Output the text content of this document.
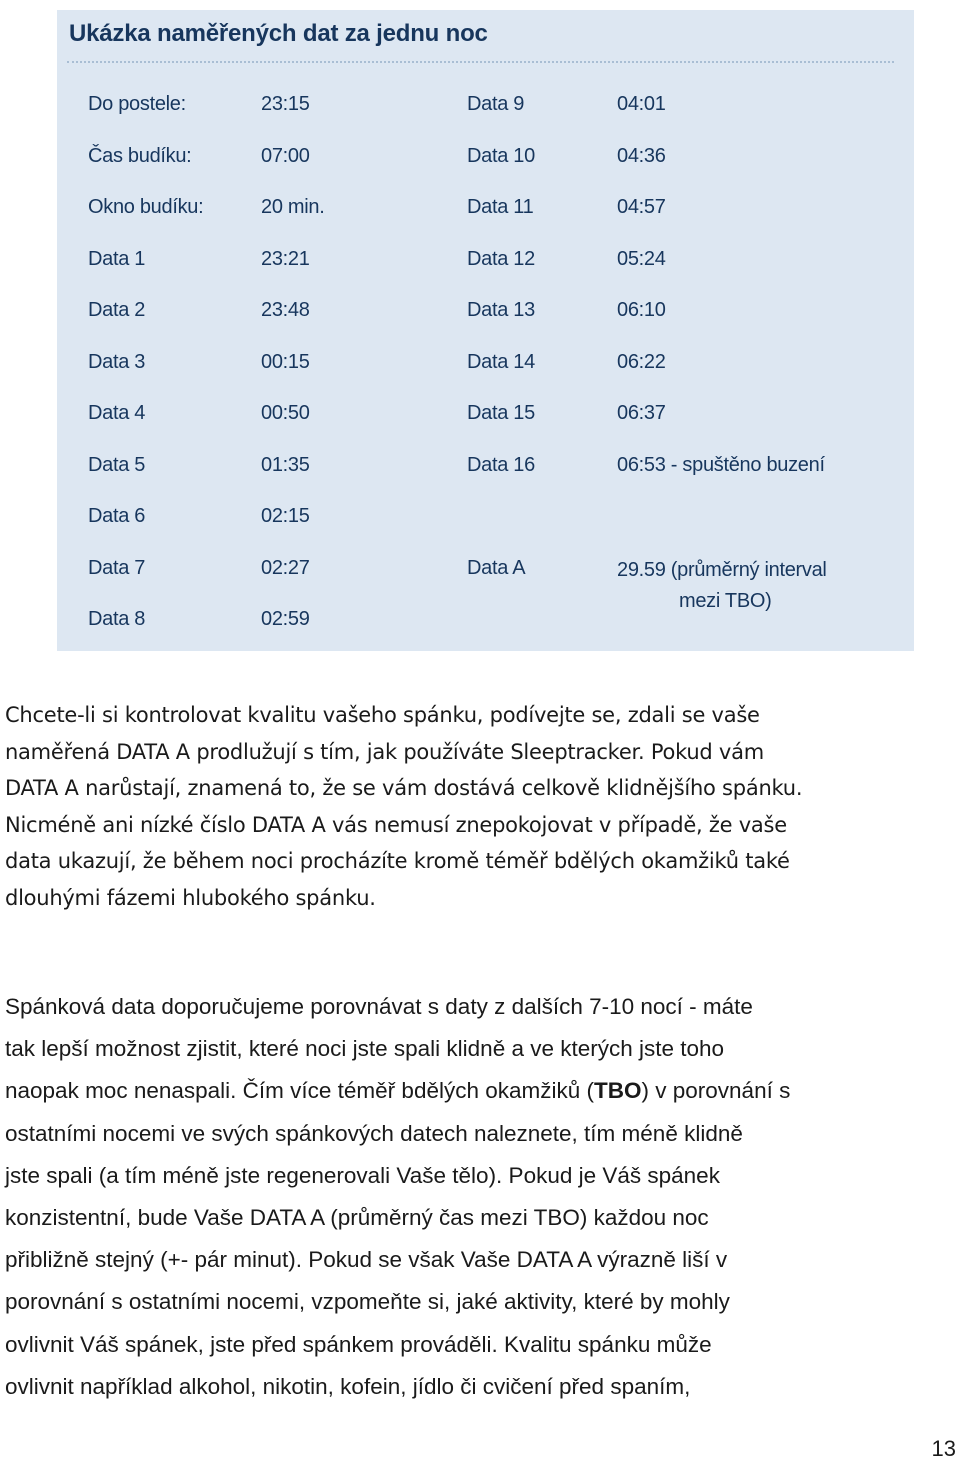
Ukázka naměřených dat za jednu noc
Do postele:
Čas budíku:
Okno budíku:
Data 1
Data 2
Data 3
Data 4
Data 5
Data 6
Data 7
Data 8
23:15
07:00
20 min.
23:21
23:48
00:15
00:50
01:35
02:15
02:27
02:59
Data 9
Data 10
Data 11
Data 12
Data 13
Data 14
Data 15
Data 16
Data A
04:01
04:36
04:57
05:24
06:10
06:22
06:37
06:53 - spuštěno buzení
29.59 (průměrný interval
mezi TBO)

Chcete-li si kontrolovat kvalitu vašeho spánku, podívejte se, zdali se vaše
naměřená DATA A prodlužují s tím, jak používáte Sleeptracker. Pokud vám
DATA A narůstají, znamená to, že se vám dostává celkově klidnějšího spánku.
Nicméně ani nízké číslo DATA A vás nemusí znepokojovat v případě, že vaše
data ukazují, že během noci procházíte kromě téměř bdělých okamžiků také
dlouhými fázemi hlubokého spánku.

Spánková data doporučujeme porovnávat s daty z dalších 7-10 nocí - máte
tak lepší možnost zjistit, které noci jste spali klidně a ve kterých jste toho
naopak moc nenaspali. Čím více téměř bdělých okamžiků (TBO) v porovnání s
ostatními nocemi ve svých spánkových datech naleznete, tím méně klidně
jste spali (a tím méně jste regenerovali Vaše tělo). Pokud je Váš spánek
konzistentní, bude Vaše DATA A (průměrný čas mezi TBO) každou noc
přibližně stejný (+- pár minut). Pokud se však Vaše DATA A výrazně liší v
porovnání s ostatními nocemi, vzpomeňte si, jaké aktivity, které by mohly
ovlivnit Váš spánek, jste před spánkem prováděli. Kvalitu spánku může
ovlivnit například alkohol, nikotin, kofein, jídlo či cvičení před spaním,

13
